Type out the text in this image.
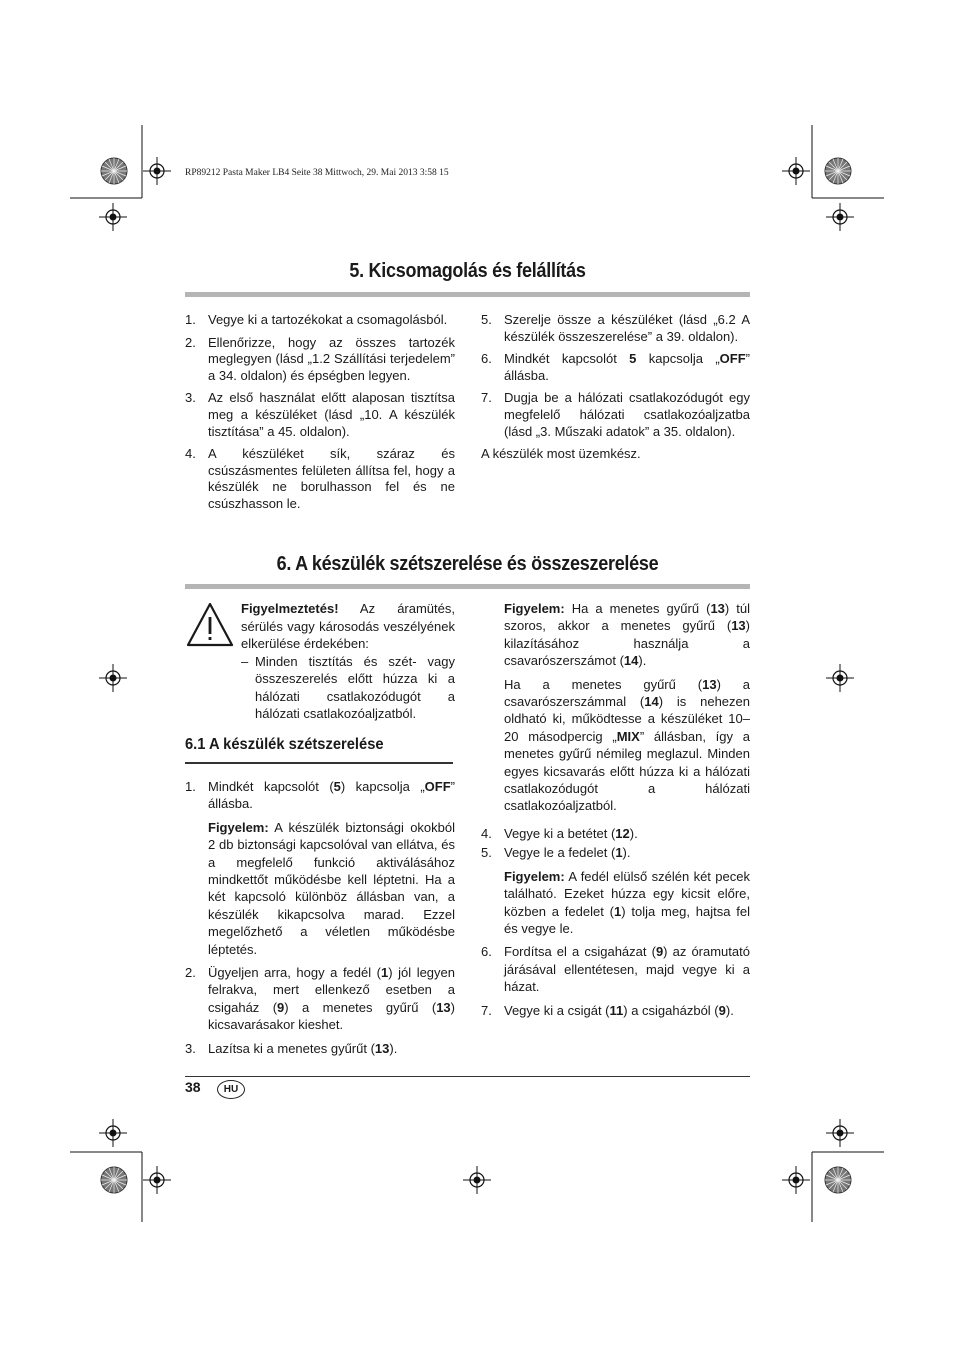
RP89212 Pasta Maker LB4 Seite 38 Mittwoch, 29. Mai 2013 3:58 15
5. Kicsomagolás és felállítás
1. Vegye ki a tartozékokat a csomagolásból.
2. Ellenőrizze, hogy az összes tartozék meglegyen (lásd „1.2 Szállítási terjedelem” a 34. oldalon) és épségben legyen.
3. Az első használat előtt alaposan tisztítsa meg a készüléket (lásd „10. A készülék tisztítása” a 45. oldalon).
4. A készüléket sík, száraz és csúszásmentes felületen állítsa fel, hogy a készülék ne borulhasson fel és ne csúszhasson le.
5. Szerelje össze a készüléket (lásd „6.2 A készülék összeszerelése” a 39. oldalon).
6. Mindkét kapcsolót 5 kapcsolja „OFF” állásba.
7. Dugja be a hálózati csatlakozódugót egy megfelelő hálózati csatlakozóaljzatba (lásd „3. Műszaki adatok” a 35. oldalon).
A készülék most üzemkész.
6. A készülék szétszerelése és összeszerelése
Figyelmeztetés! Az áramütés, sérülés vagy károsodás veszélyének elkerülése érdekében:
– Minden tisztítás és szét- vagy összeszerelés előtt húzza ki a hálózati csatlakozódugót a hálózati csatlakozóaljzatból.
6.1 A készülék szétszerelése
1. Mindkét kapcsolót (5) kapcsolja „OFF” állásba.
Figyelem: A készülék biztonsági okokból 2 db biztonsági kapcsolóval van ellátva, és a megfelelő funkció aktiválásához mindkettőt működésbe kell léptetni. Ha a két kapcsoló különböz állásban van, a készülék kikapcsolva marad. Ezzel megelőzhető a véletlen működésbe léptetés.
2. Ügyeljen arra, hogy a fedél (1) jól legyen felrakva, mert ellenkező esetben a csigaház (9) a menetes gyűrű (13) kicsavarásakor kieshet.
3. Lazítsa ki a menetes gyűrűt (13).
Figyelem: Ha a menetes gyűrű (13) túl szoros, akkor a menetes gyűrű (13) kilazításához használja a csavarószerszámot (14).
Ha a menetes gyűrű (13) a csavarószerszámmal (14) is nehezen oldható ki, működtesse a készüléket 10–20 másodpercig „MIX” állásban, így a menetes gyűrű némileg meglazul. Minden egyes kicsavarás előtt húzza ki a hálózati csatlakozódugót a hálózati csatlakozóaljzatból.
4. Vegye ki a betétet (12).
5. Vegye le a fedelet (1).
Figyelem: A fedél elülső szélén két pecek található. Ezeket húzza egy kicsit előre, közben a fedelet (1) tolja meg, hajtsa fel és vegye le.
6. Fordítsa el a csigaházat (9) az óramutató járásával ellentétesen, majd vegye ki a házat.
7. Vegye ki a csigát (11) a csigaházból (9).
38	HU
